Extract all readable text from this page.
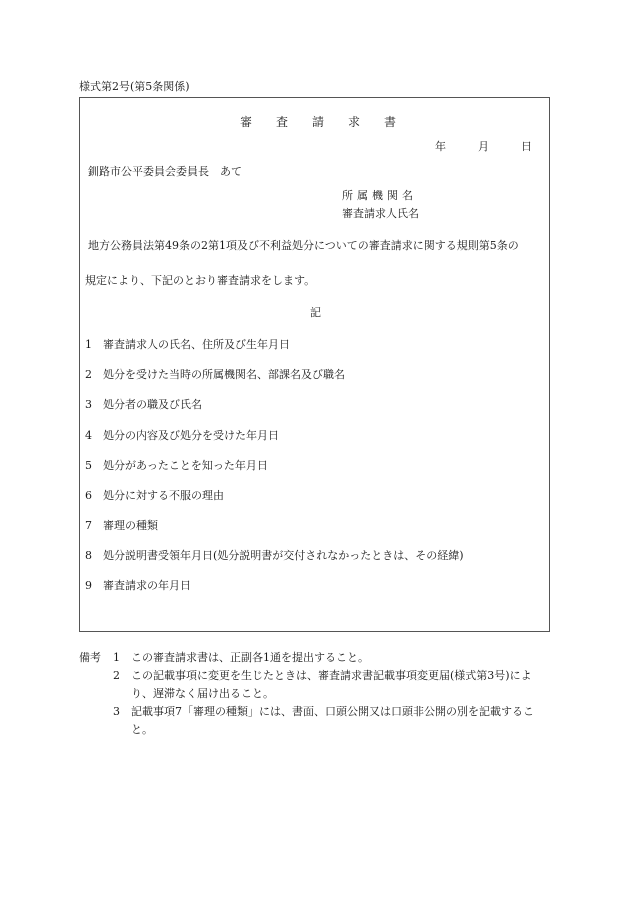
様式第2号(第5条関係)
審査請求書
年	月	日
釧路市公平委員会委員長　あて
所属機関名
審査請求人氏名
地方公務員法第49条の2第1項及び不利益処分についての審査請求に関する規則第5条の
規定により、下記のとおり審査請求をします。
記
1 審査請求人の氏名、住所及び生年月日
2 処分を受けた当時の所属機関名、部課名及び職名
3 処分者の職及び氏名
4 処分の内容及び処分を受けた年月日
5 処分があったことを知った年月日
6 処分に対する不服の理由
7 審理の種類
8 処分説明書受領年月日(処分説明書が交付されなかったときは、その経緯)
9 審査請求の年月日
備考 1	この審査請求書は、正副各1通を提出すること。
2	この記載事項に変更を生じたときは、審査請求書記載事項変更届(様式第3号)により、遅滞なく届け出ること。
3	記載事項7「審理の種類」には、書面、口頭公開又は口頭非公開の別を記載すること。
